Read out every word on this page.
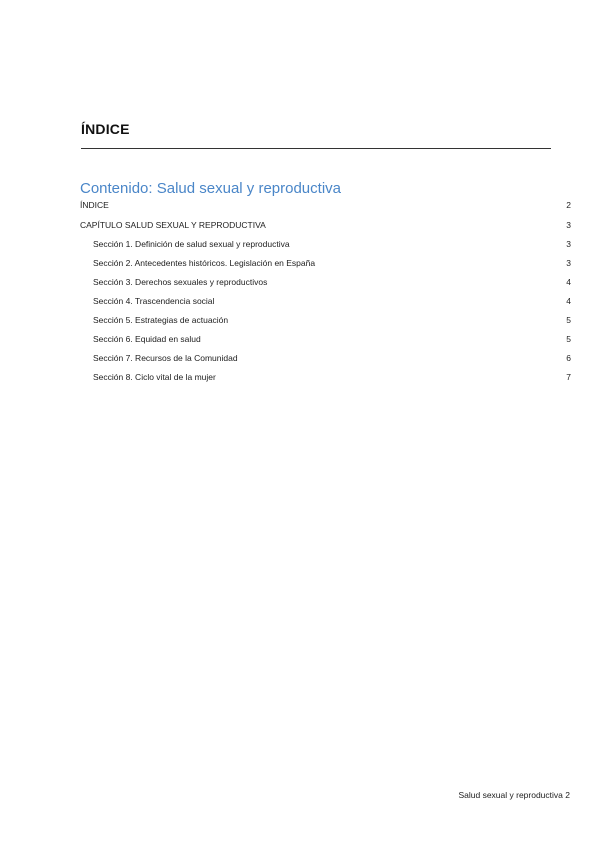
ÍNDICE
Contenido: Salud sexual y reproductiva
ÍNDICE	2
CAPÍTULO SALUD SEXUAL Y REPRODUCTIVA	3
Sección 1. Definición de salud sexual y reproductiva	3
Sección 2. Antecedentes históricos. Legislación en España	3
Sección 3. Derechos sexuales y reproductivos	4
Sección 4. Trascendencia social	4
Sección 5. Estrategias de actuación	5
Sección 6. Equidad en salud	5
Sección 7. Recursos de la Comunidad	6
Sección 8. Ciclo vital de la mujer	7
Salud sexual y reproductiva 2
